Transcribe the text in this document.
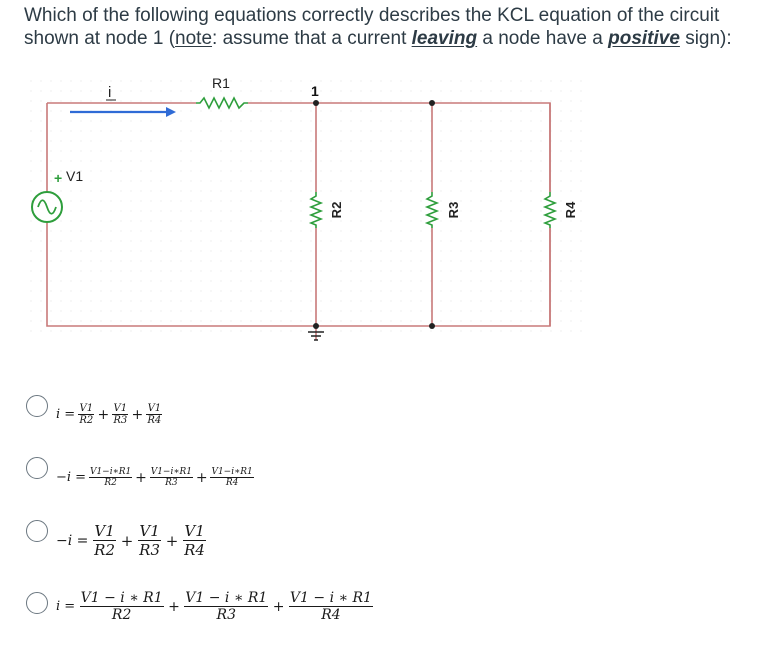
Which of the following equations correctly describes the KCL equation of the circuit shown at node 1 (note: assume that a current leaving a node have a positive sign):
i
R1	1
+ V1
R2	R3	R4
$i = \frac{V1}{R2} + \frac{V1}{R3} + \frac{V1}{R4}$
$-i = \frac{V1-i∗R1}{R2} + \frac{V1-i∗R1}{R3} + \frac{V1-i∗R1}{R4}$
$-i = \frac{V1}{R2} + \frac{V1}{R3} + \frac{V1}{R4}$
$i = \frac{V1 - i ∗ R1}{R2} + \frac{V1 - i ∗ R1}{R3} + \frac{V1 - i ∗ R1}{R4}$
